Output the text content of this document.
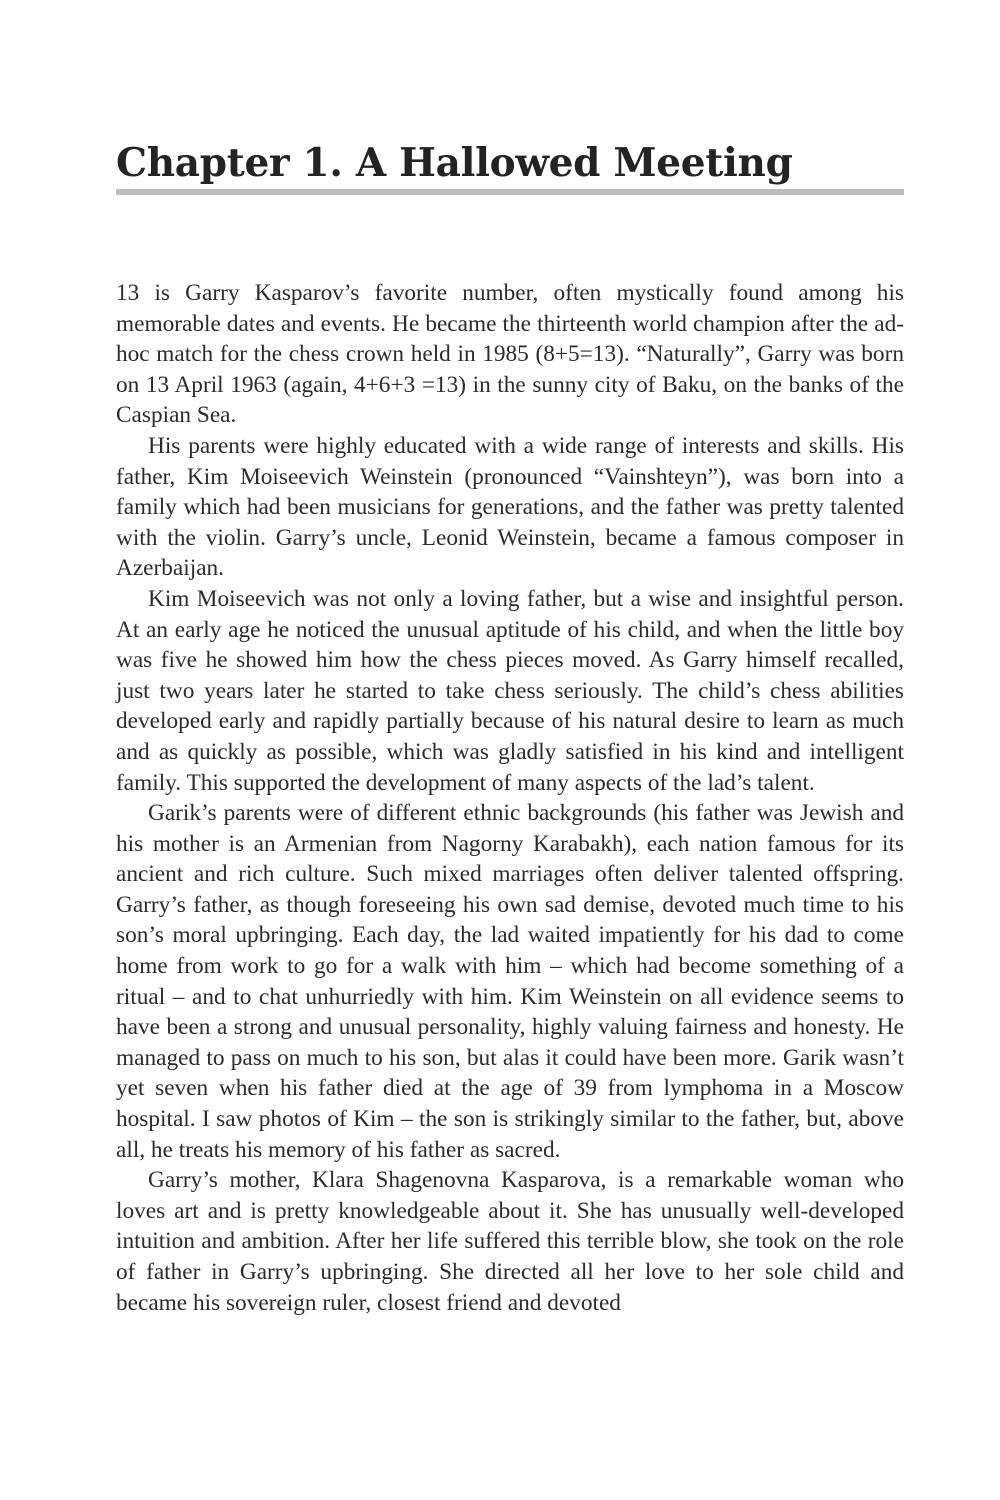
Chapter 1. A Hallowed Meeting

13 is Garry Kasparov’s favorite number, often mystically found among his memorable dates and events. He became the thirteenth world champion after the ad-hoc match for the chess crown held in 1985 (8+5=13). “Naturally”, Garry was born on 13 April 1963 (again, 4+6+3 =13) in the sunny city of Baku, on the banks of the Caspian Sea.

His parents were highly educated with a wide range of interests and skills. His father, Kim Moiseevich Weinstein (pronounced “Vainshteyn”), was born into a family which had been musicians for generations, and the father was pretty talented with the violin. Garry’s uncle, Leonid Weinstein, became a famous composer in Azerbaijan.

Kim Moiseevich was not only a loving father, but a wise and insightful person. At an early age he noticed the unusual aptitude of his child, and when the little boy was five he showed him how the chess pieces moved. As Garry himself recalled, just two years later he started to take chess seriously. The child’s chess abilities developed early and rapidly partially because of his natural desire to learn as much and as quickly as possible, which was gladly satisfied in his kind and intelligent family. This supported the development of many aspects of the lad’s talent.

Garik’s parents were of different ethnic backgrounds (his father was Jewish and his mother is an Armenian from Nagorny Karabakh), each nation famous for its ancient and rich culture. Such mixed marriages often deliver talented offspring. Garry’s father, as though foreseeing his own sad demise, devoted much time to his son’s moral upbringing. Each day, the lad waited impatiently for his dad to come home from work to go for a walk with him – which had become something of a ritual – and to chat unhurriedly with him. Kim Weinstein on all evidence seems to have been a strong and unusual personality, highly valuing fairness and honesty. He managed to pass on much to his son, but alas it could have been more. Garik wasn’t yet seven when his father died at the age of 39 from lymphoma in a Moscow hospital. I saw photos of Kim – the son is strikingly similar to the father, but, above all, he treats his memory of his father as sacred.

Garry’s mother, Klara Shagenovna Kasparova, is a remarkable woman who loves art and is pretty knowledgeable about it. She has unusually well-developed intuition and ambition. After her life suffered this terrible blow, she took on the role of father in Garry’s upbringing. She directed all her love to her sole child and became his sovereign ruler, closest friend and devoted
